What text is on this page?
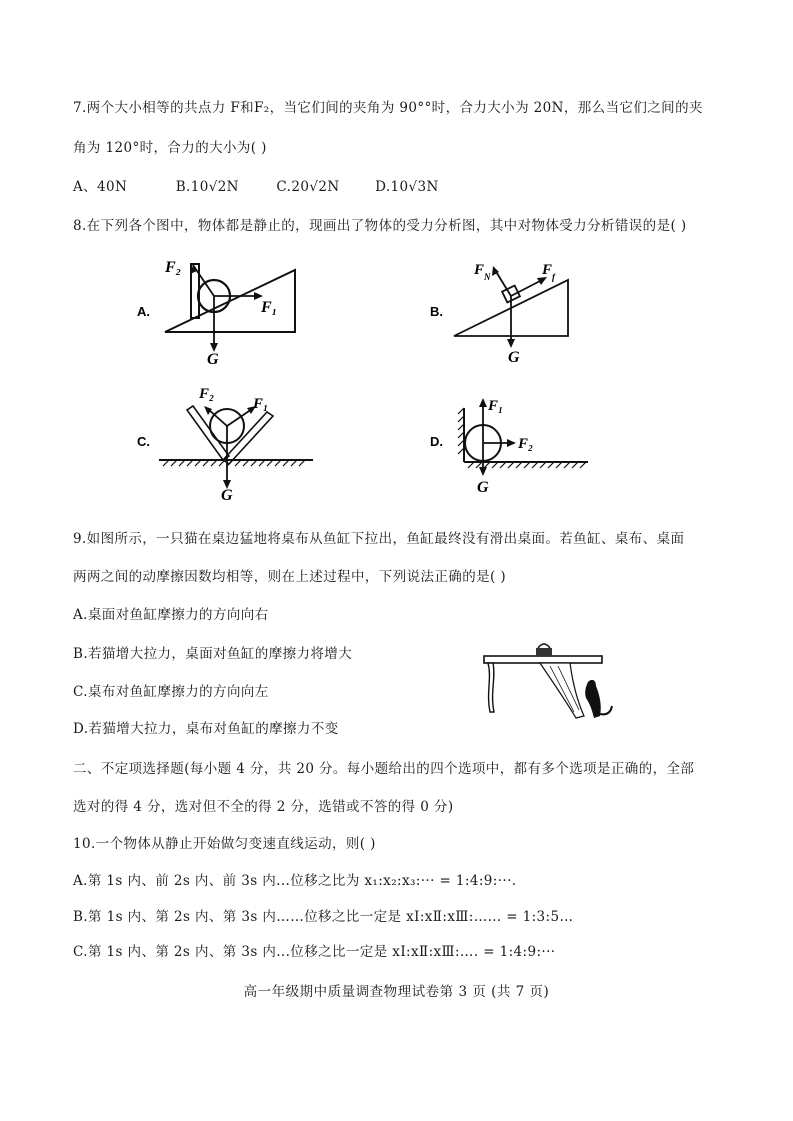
7.两个大小相等的共点力 F和F₂，当它们间的夹角为 90°°时，合力大小为 20N，那么当它们之间的夹
角为 120°时，合力的大小为( )
A、40N	B.10√2N	C.20√2N	D.10√3N
8.在下列各个图中，物体都是静止的，现画出了物体的受力分析图，其中对物体受力分析错误的是( )
A.
F₂
F₁
G
B.
F N	F f
G
C.
F₂
F₁
G
D.
F₁
F₂
G
9.如图所示，一只猫在桌边猛地将桌布从鱼缸下拉出，鱼缸最终没有滑出桌面。若鱼缸、桌布、桌面
两两之间的动摩擦因数均相等，则在上述过程中，下列说法正确的是( )
A.桌面对鱼缸摩擦力的方向向右
B.若猫增大拉力，桌面对鱼缸的摩擦力将增大
C.桌布对鱼缸摩擦力的方向向左
D.若猫增大拉力，桌布对鱼缸的摩擦力不变
二、不定项选择题(每小题 4 分，共 20 分。每小题给出的四个选项中，都有多个选项是正确的，全部
选对的得 4 分，选对但不全的得 2 分，选错或不答的得 0 分)
10.一个物体从静止开始做匀变速直线运动，则( )
A.第 1s 内、前 2s 内、前 3s 内...位移之比为 x₁:x₂:x₃:··· = 1:4:9:···.
B.第 1s 内、第 2s 内、第 3s 内……位移之比一定是 xⅠ:xⅡ:xⅢ:…… = 1:3:5…
C.第 1s 内、第 2s 内、第 3s 内...位移之比一定是 xⅠ:xⅡ:xⅢ:…. = 1:4:9:···
高一年级期中质量调查物理试卷第 3 页 (共 7 页)
